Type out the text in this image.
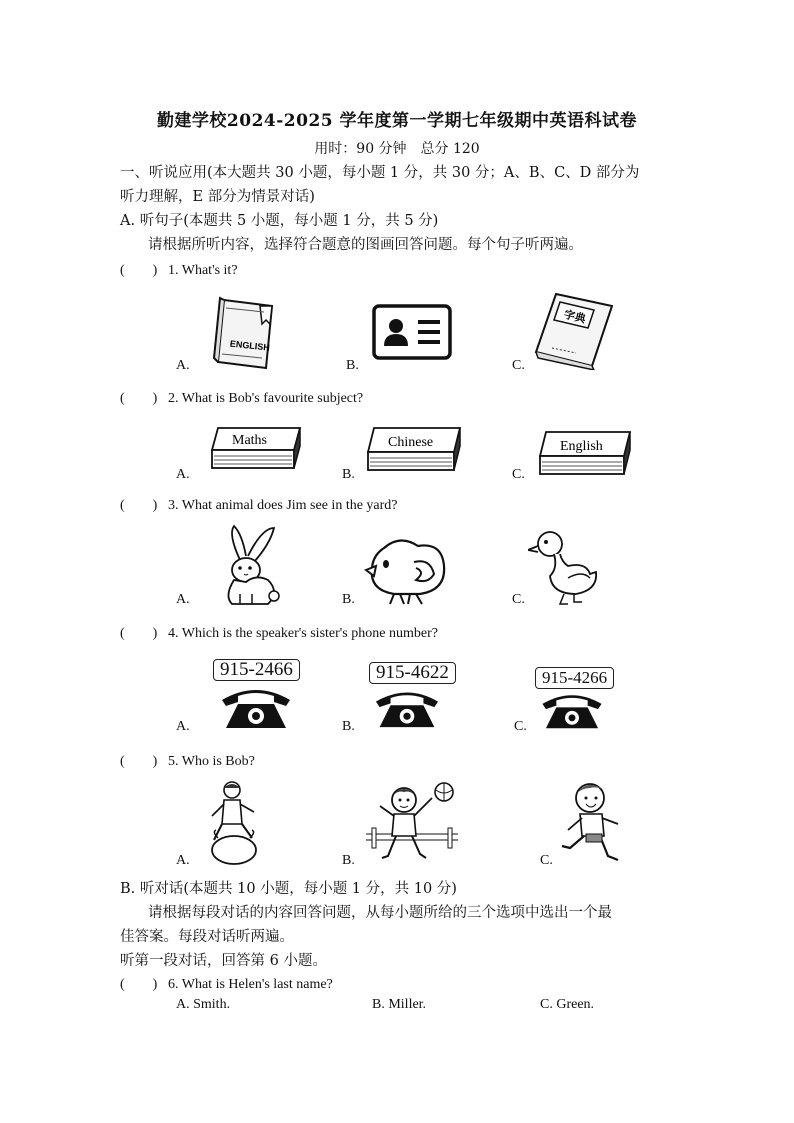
勤建学校2024-2025 学年度第一学期七年级期中英语科试卷
用时：90 分钟　总分 120
一、听说应用(本大题共 30 小题，每小题 1 分，共 30 分；A、B、C、D 部分为
听力理解，E 部分为情景对话)
A. 听句子(本题共 5 小题，每小题 1 分，共 5 分)
请根据所听内容，选择符合题意的图画回答问题。每个句子听两遍。
(　　) 1. What's it?
A.	B.	C.
ENGLISH
字典
(　　) 2. What is Bob's favourite subject?
A.	B.	C.
Maths	Chinese	English
(　　) 3. What animal does Jim see in the yard?
A.	B.	C.
(　　) 4. Which is the speaker's sister's phone number?
A.	B.	C.
915-2466	915-4622	915-4266
(　　) 5. Who is Bob?
A.	B.	C.
B. 听对话(本题共 10 小题，每小题 1 分，共 10 分)
请根据每段对话的内容回答问题，从每小题所给的三个选项中选出一个最
佳答案。每段对话听两遍。
听第一段对话，回答第 6 小题。
(　　) 6. What is Helen's last name?
A. Smith.	B. Miller.	C. Green.
